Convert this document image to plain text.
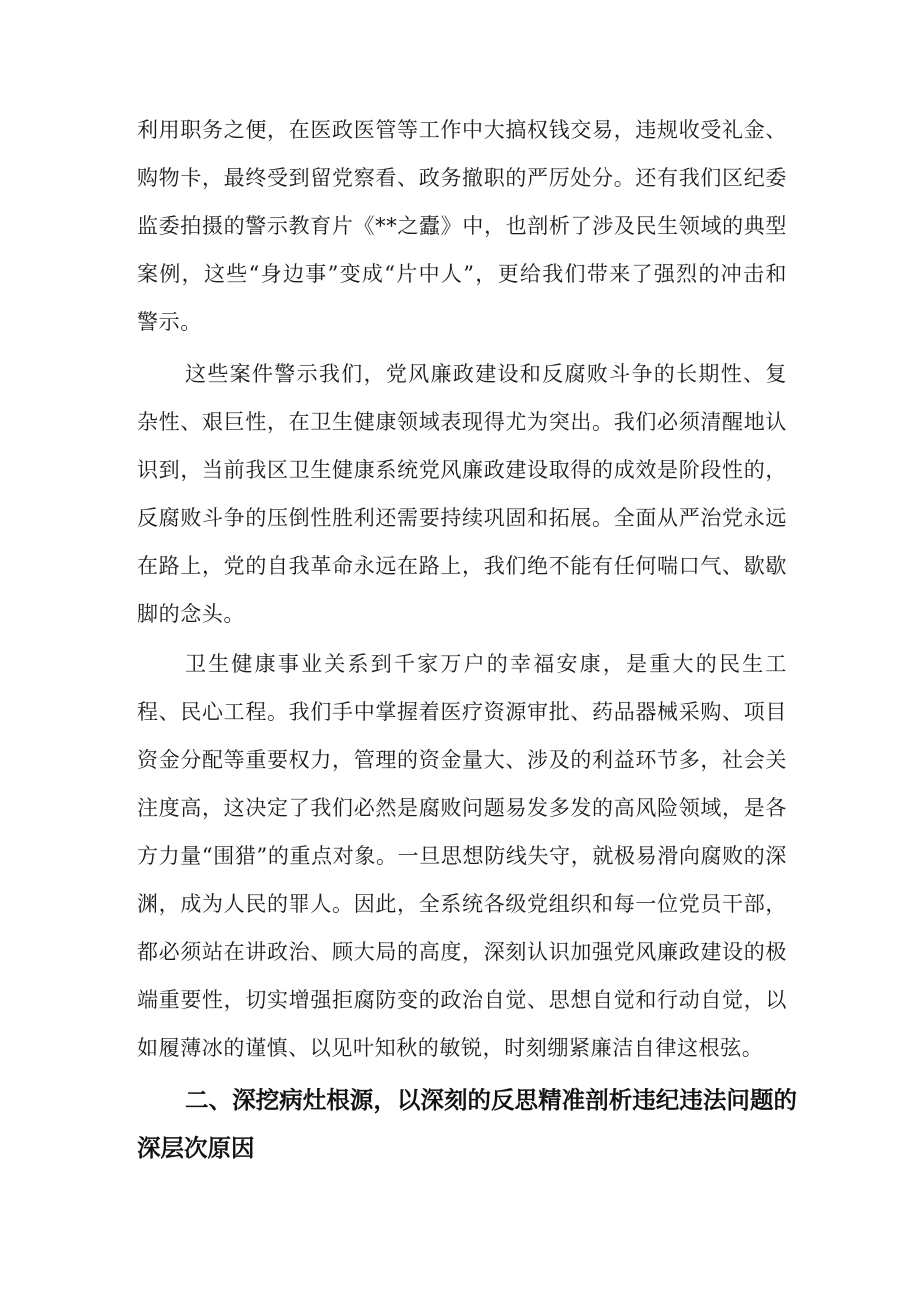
利用职务之便，在医政医管等工作中大搞权钱交易，违规收受礼金、购物卡，最终受到留党察看、政务撤职的严厉处分。还有我们区纪委监委拍摄的警示教育片《**之蠹》中，也剖析了涉及民生领域的典型案例，这些“身边事”变成“片中人”，更给我们带来了强烈的冲击和警示。

这些案件警示我们，党风廉政建设和反腐败斗争的长期性、复杂性、艰巨性，在卫生健康领域表现得尤为突出。我们必须清醒地认识到，当前我区卫生健康系统党风廉政建设取得的成效是阶段性的，反腐败斗争的压倒性胜利还需要持续巩固和拓展。全面从严治党永远在路上，党的自我革命永远在路上，我们绝不能有任何喘口气、歇歇脚的念头。

卫生健康事业关系到千家万户的幸福安康，是重大的民生工程、民心工程。我们手中掌握着医疗资源审批、药品器械采购、项目资金分配等重要权力，管理的资金量大、涉及的利益环节多，社会关注度高，这决定了我们必然是腐败问题易发多发的高风险领域，是各方力量“围猎”的重点对象。一旦思想防线失守，就极易滑向腐败的深渊，成为人民的罪人。因此，全系统各级党组织和每一位党员干部，都必须站在讲政治、顾大局的高度，深刻认识加强党风廉政建设的极端重要性，切实增强拒腐防变的政治自觉、思想自觉和行动自觉，以如履薄冰的谨慎、以见叶知秋的敏锐，时刻绷紧廉洁自律这根弦。

二、深挖病灶根源，以深刻的反思精准剖析违纪违法问题的深层次原因
